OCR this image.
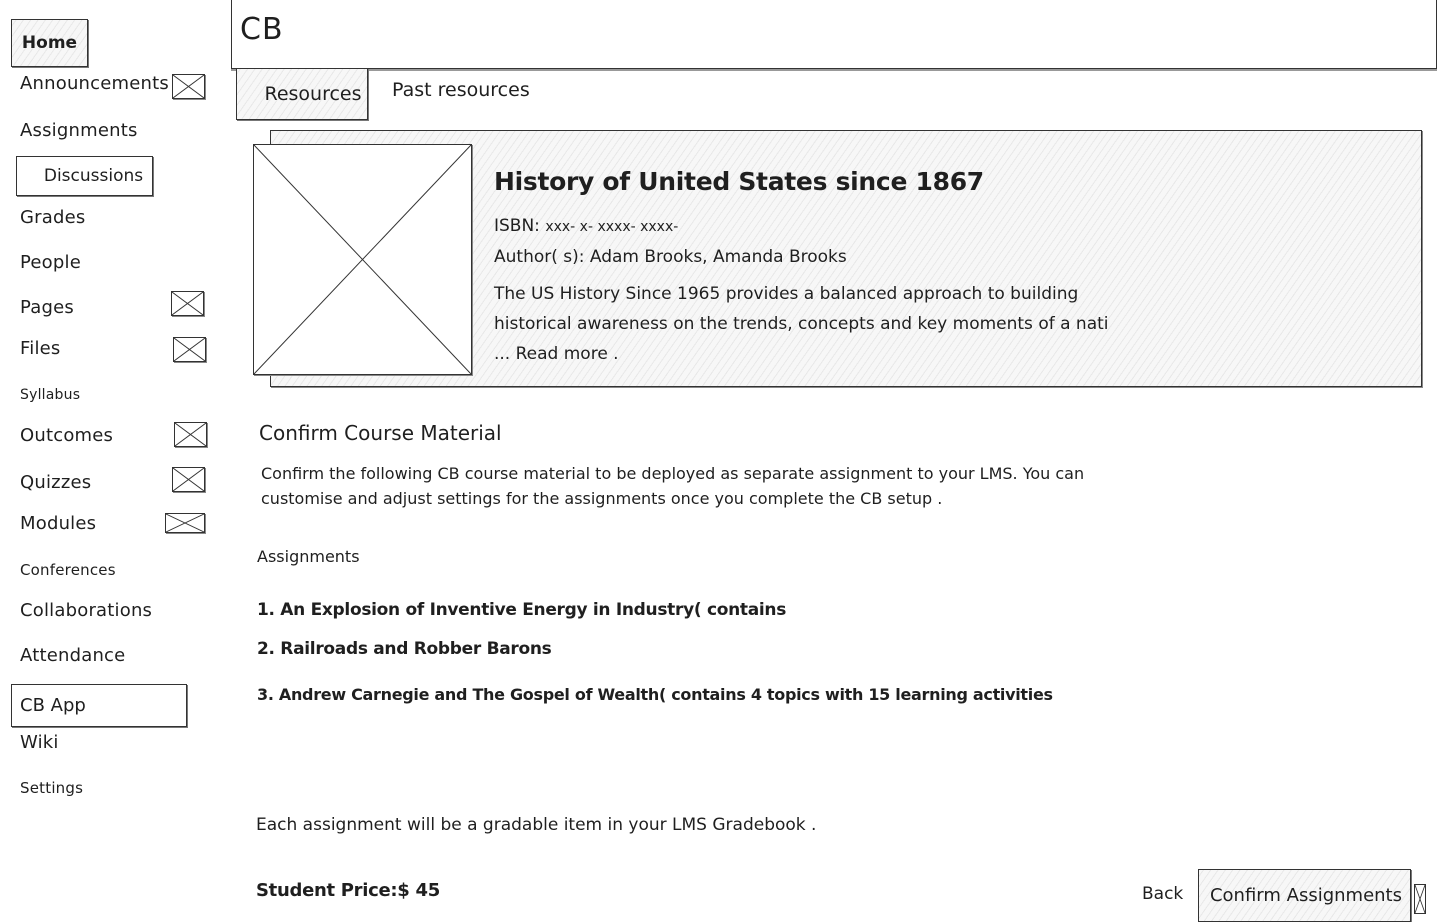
Home
Announcements
Assignments
Discussions
Grades
People
Pages
Files
Syllabus
Outcomes
Quizzes
Modules
Conferences
Collaborations
Attendance
CB App
Wiki
Settings
CB
Resources Past resources
History of United States since 1867
ISBN: xxx- x- xxxx- xxxx-
Author( s): Adam Brooks, Amanda Brooks
The US History Since 1965 provides a balanced approach to building historical awareness on the trends, concepts and key moments of a nati ... Read more .
Confirm Course Material
Confirm the following CB course material to be deployed as separate assignment to your LMS. You can customise and adjust settings for the assignments once you complete the CB setup .
Assignments
1. An Explosion of Inventive Energy in Industry( contains
2. Railroads and Robber Barons
3. Andrew Carnegie and The Gospel of Wealth( contains 4 topics with 15 learning activities
Each assignment will be a gradable item in your LMS Gradebook .
Student Price:$ 45	Back Confirm Assignments
